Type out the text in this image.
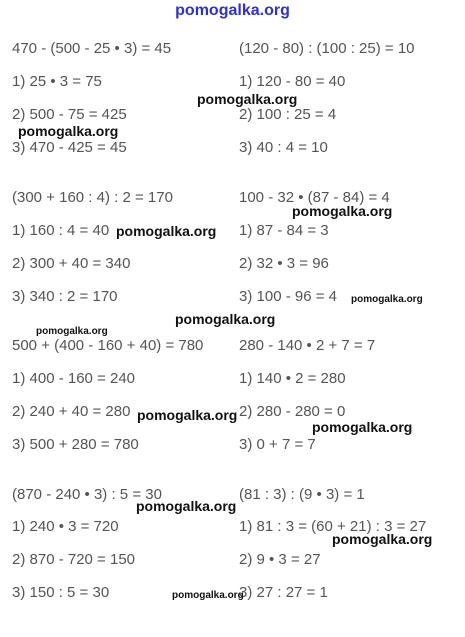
pomogalka.org
470 - (500 - 25 • 3) = 45
1) 25 • 3 = 75
2) 500 - 75 = 425
3) 470 - 425 = 45
(120 - 80) : (100 : 25) = 10
1) 120 - 80 = 40
2) 100 : 25 = 4
3) 40 : 4 = 10
(300 + 160 : 4) : 2 = 170
1) 160 : 4 = 40
2) 300 + 40 = 340
3) 340 : 2 = 170
100 - 32 • (87 - 84) = 4
1) 87 - 84 = 3
2) 32 • 3 = 96
3) 100 - 96 = 4
500 + (400 - 160 + 40) = 780
1) 400 - 160 = 240
2) 240 + 40 = 280
3) 500 + 280 = 780
280 - 140 • 2 + 7 = 7
1) 140 • 2 = 280
2) 280 - 280 = 0
3) 0 + 7 = 7
(870 - 240 • 3) : 5 = 30
1) 240 • 3 = 720
2) 870 - 720 = 150
3) 150 : 5 = 30
(81 : 3) : (9 • 3) = 1
1) 81 : 3 = (60 + 21) : 3 = 27
2) 9 • 3 = 27
3) 27 : 27 = 1
pomogalka.org
pomogalka.org
pomogalka.org
pomogalka.org
pomogalka.org
pomogalka.org
pomogalka.org
pomogalka.org
pomogalka.org
pomogalka.org
pomogalka.org
pomogalka.org
